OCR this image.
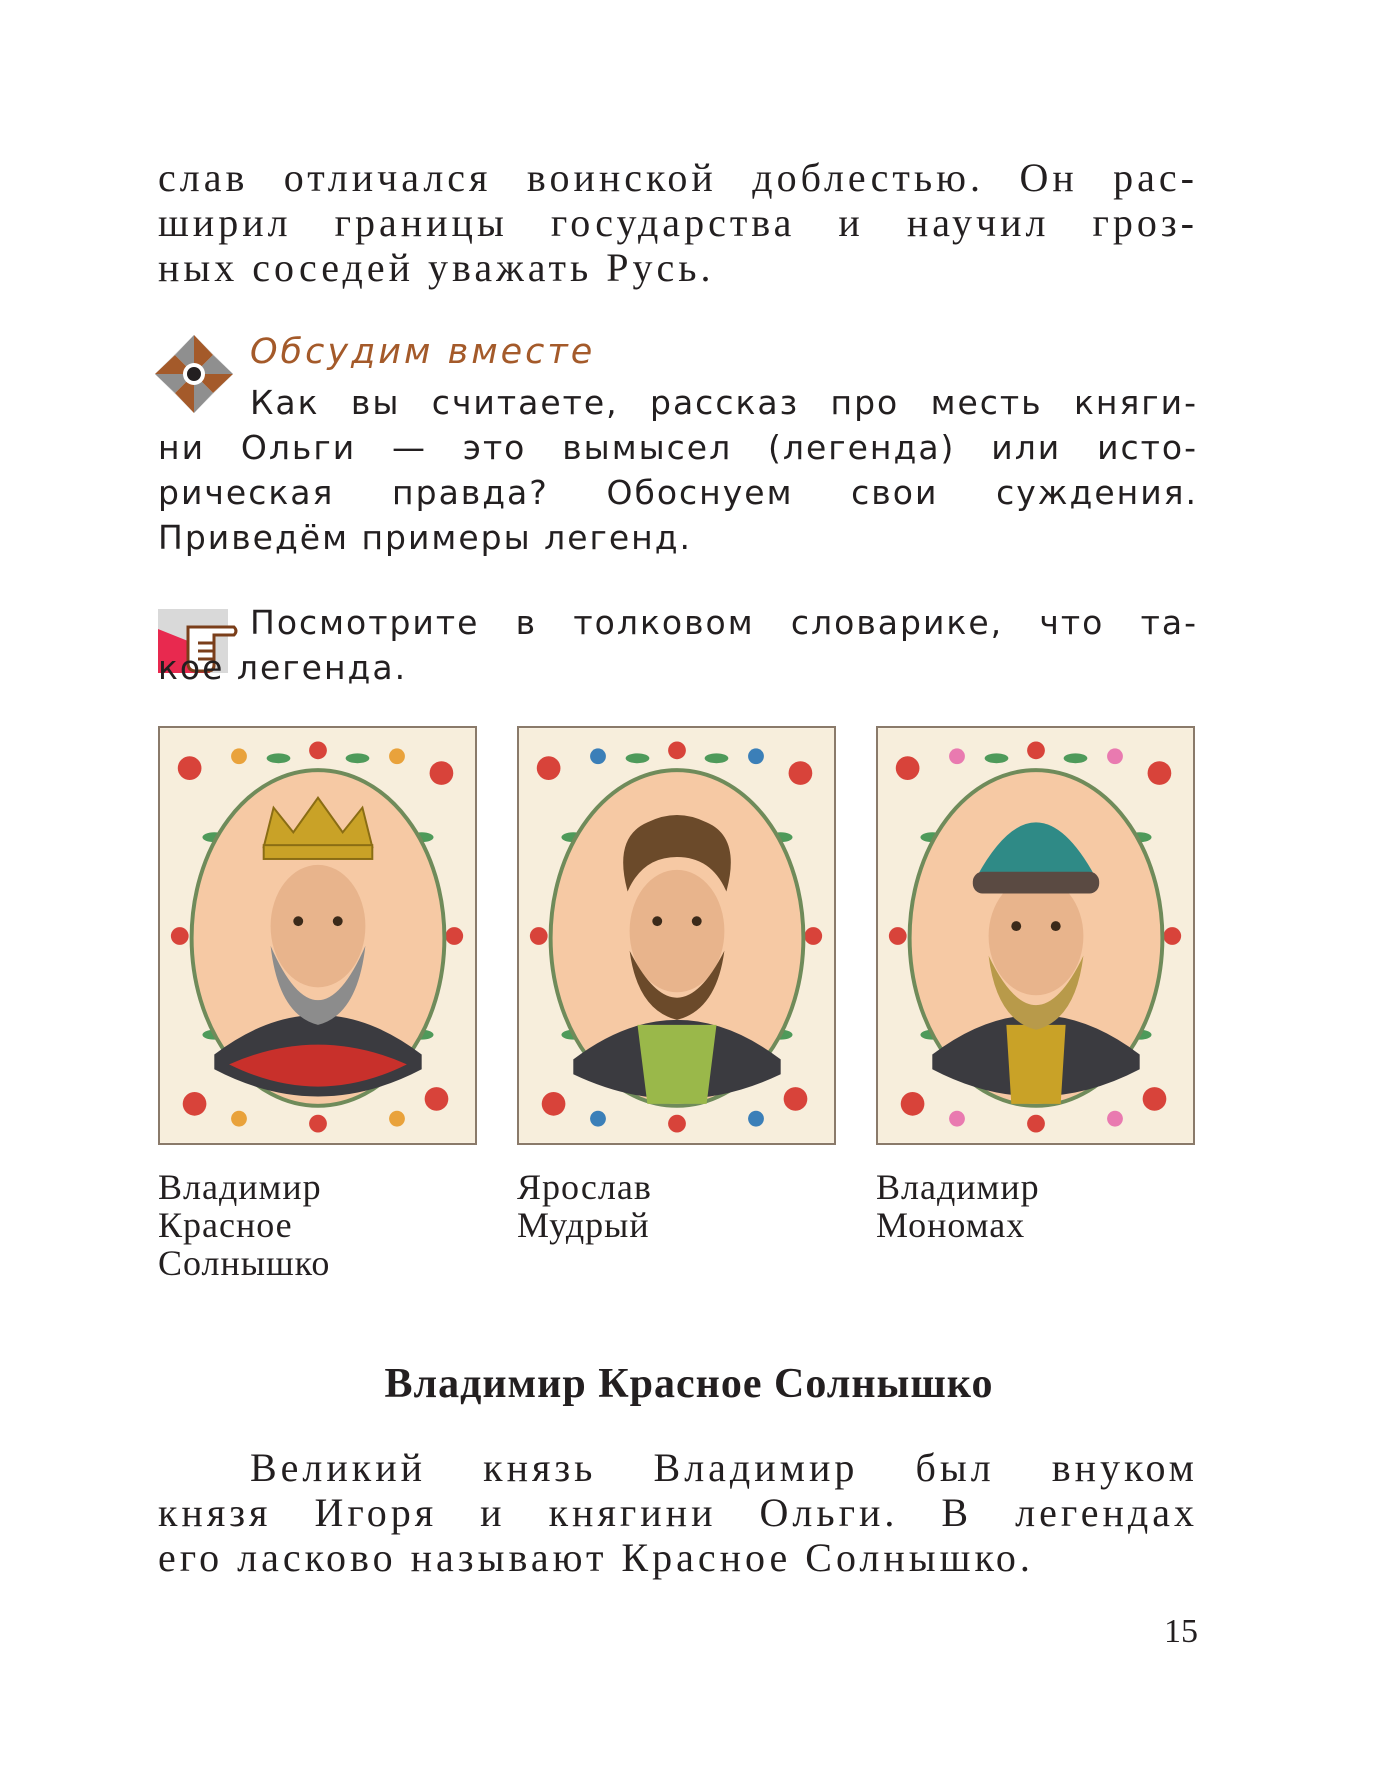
слав отличался воинской доблестью. Он рас-
ширил границы государства и научил гроз-
ных соседей уважать Русь.
Обсудим вместе
Как вы считаете, рассказ про месть княги-
ни Ольги — это вымысел (легенда) или исто-
рическая правда? Обоснуем свои суждения.
Приведём примеры легенд.
Посмотрите в толковом словарике, что та-
кое легенда.
Владимир
Красное
Солнышко
Ярослав
Мудрый
Владимир
Мономах
Владимир Красное Солнышко
Великий князь Владимир был внуком
князя Игоря и княгини Ольги. В легендах
его ласково называют Красное Солнышко.
15
